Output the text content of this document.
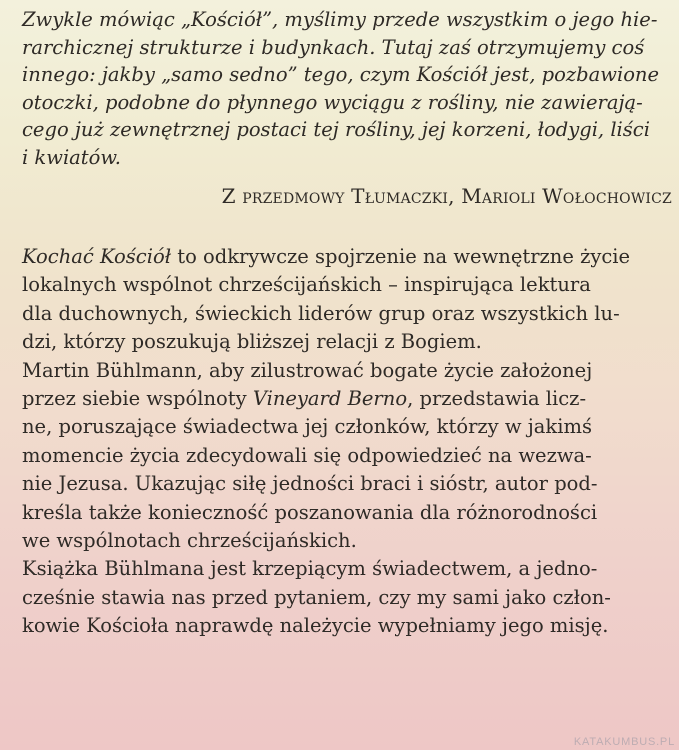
Zwykle mówiąc „Kościół”, myślimy przede wszystkim o jego hie-
rarchicznej strukturze i budynkach. Tutaj zaś otrzymujemy coś
innego: jakby „samo sedno” tego, czym Kościół jest, pozbawione
otoczki, podobne do płynnego wyciągu z rośliny, nie zawierają-
cego już zewnętrznej postaci tej rośliny, jej korzeni, łodygi, liści
i kwiatów.
Z przedmowy Tłumaczki, Marioli Wołochowicz
Kochać Kościół to odkrywcze spojrzenie na wewnętrzne życie
lokalnych wspólnot chrześcijańskich – inspirująca lektura
dla duchownych, świeckich liderów grup oraz wszystkich lu-
dzi, którzy poszukują bliższej relacji z Bogiem.
Martin Bühlmann, aby zilustrować bogate życie założonej
przez siebie wspólnoty Vineyard Berno, przedstawia licz-
ne, poruszające świadectwa jej członków, którzy w jakimś
momencie życia zdecydowali się odpowiedzieć na wezwa-
nie Jezusa. Ukazując siłę jedności braci i sióstr, autor pod-
kreśla także konieczność poszanowania dla różnorodności
we wspólnotach chrześcijańskich.
Książka Bühlmana jest krzepiącym świadectwem, a jedno-
cześnie stawia nas przed pytaniem, czy my sami jako człon-
kowie Kościoła naprawdę należycie wypełniamy jego misję.
KATAKUMBUS.PL
